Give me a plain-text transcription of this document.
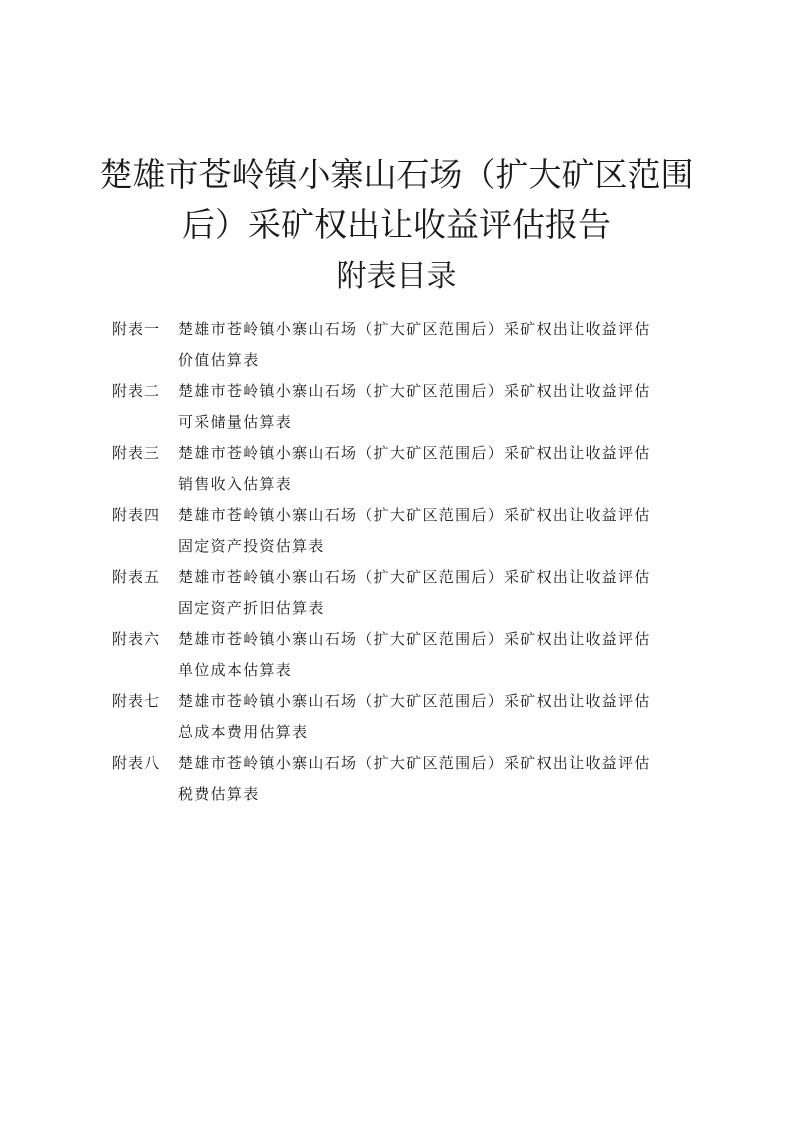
楚雄市苍岭镇小寨山石场（扩大矿区范围
后）采矿权出让收益评估报告
附表目录
附表一	楚雄市苍岭镇小寨山石场（扩大矿区范围后）采矿权出让收益评估
价值估算表
附表二	楚雄市苍岭镇小寨山石场（扩大矿区范围后）采矿权出让收益评估
可采储量估算表
附表三	楚雄市苍岭镇小寨山石场（扩大矿区范围后）采矿权出让收益评估
销售收入估算表
附表四	楚雄市苍岭镇小寨山石场（扩大矿区范围后）采矿权出让收益评估
固定资产投资估算表
附表五	楚雄市苍岭镇小寨山石场（扩大矿区范围后）采矿权出让收益评估
固定资产折旧估算表
附表六	楚雄市苍岭镇小寨山石场（扩大矿区范围后）采矿权出让收益评估
单位成本估算表
附表七	楚雄市苍岭镇小寨山石场（扩大矿区范围后）采矿权出让收益评估
总成本费用估算表
附表八	楚雄市苍岭镇小寨山石场（扩大矿区范围后）采矿权出让收益评估
税费估算表
